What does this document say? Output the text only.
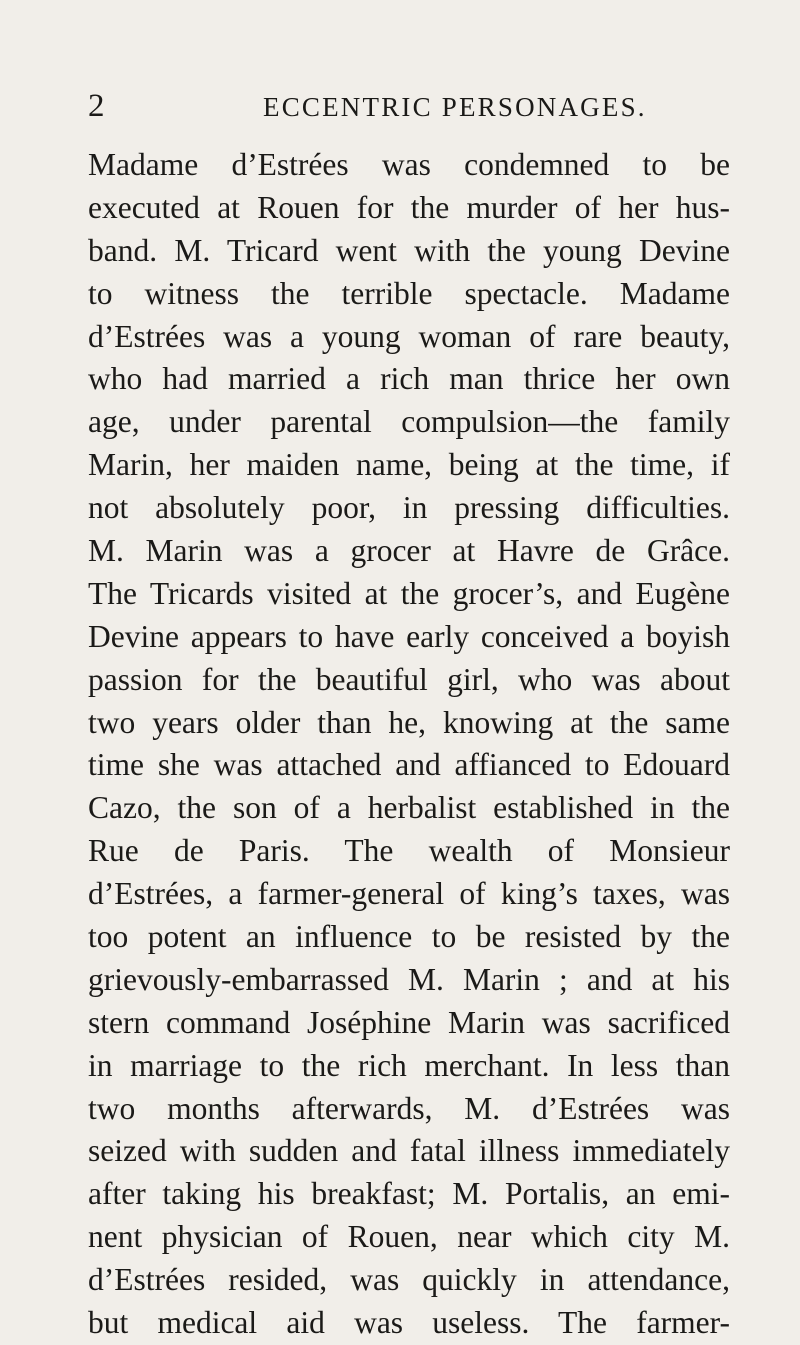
2	ECCENTRIC PERSONAGES.
Madame d’Estrées was condemned to be
executed at Rouen for the murder of her hus-
band. M. Tricard went with the young Devine
to witness the terrible spectacle. Madame
d’Estrées was a young woman of rare beauty,
who had married a rich man thrice her own
age, under parental compulsion—the family
Marin, her maiden name, being at the time, if
not absolutely poor, in pressing difficulties.
M. Marin was a grocer at Havre de Grâce.
The Tricards visited at the grocer’s, and Eugène
Devine appears to have early conceived a boyish
passion for the beautiful girl, who was about
two years older than he, knowing at the same
time she was attached and affianced to Edouard
Cazo, the son of a herbalist established in the
Rue de Paris. The wealth of Monsieur
d’Estrées, a farmer-general of king’s taxes, was
too potent an influence to be resisted by the
grievously-embarrassed M. Marin ; and at his
stern command Joséphine Marin was sacrificed
in marriage to the rich merchant. In less than
two months afterwards, M. d’Estrées was
seized with sudden and fatal illness immediately
after taking his breakfast; M. Portalis, an emi-
nent physician of Rouen, near which city M.
d’Estrées resided, was quickly in attendance,
but medical aid was useless. The farmer-
